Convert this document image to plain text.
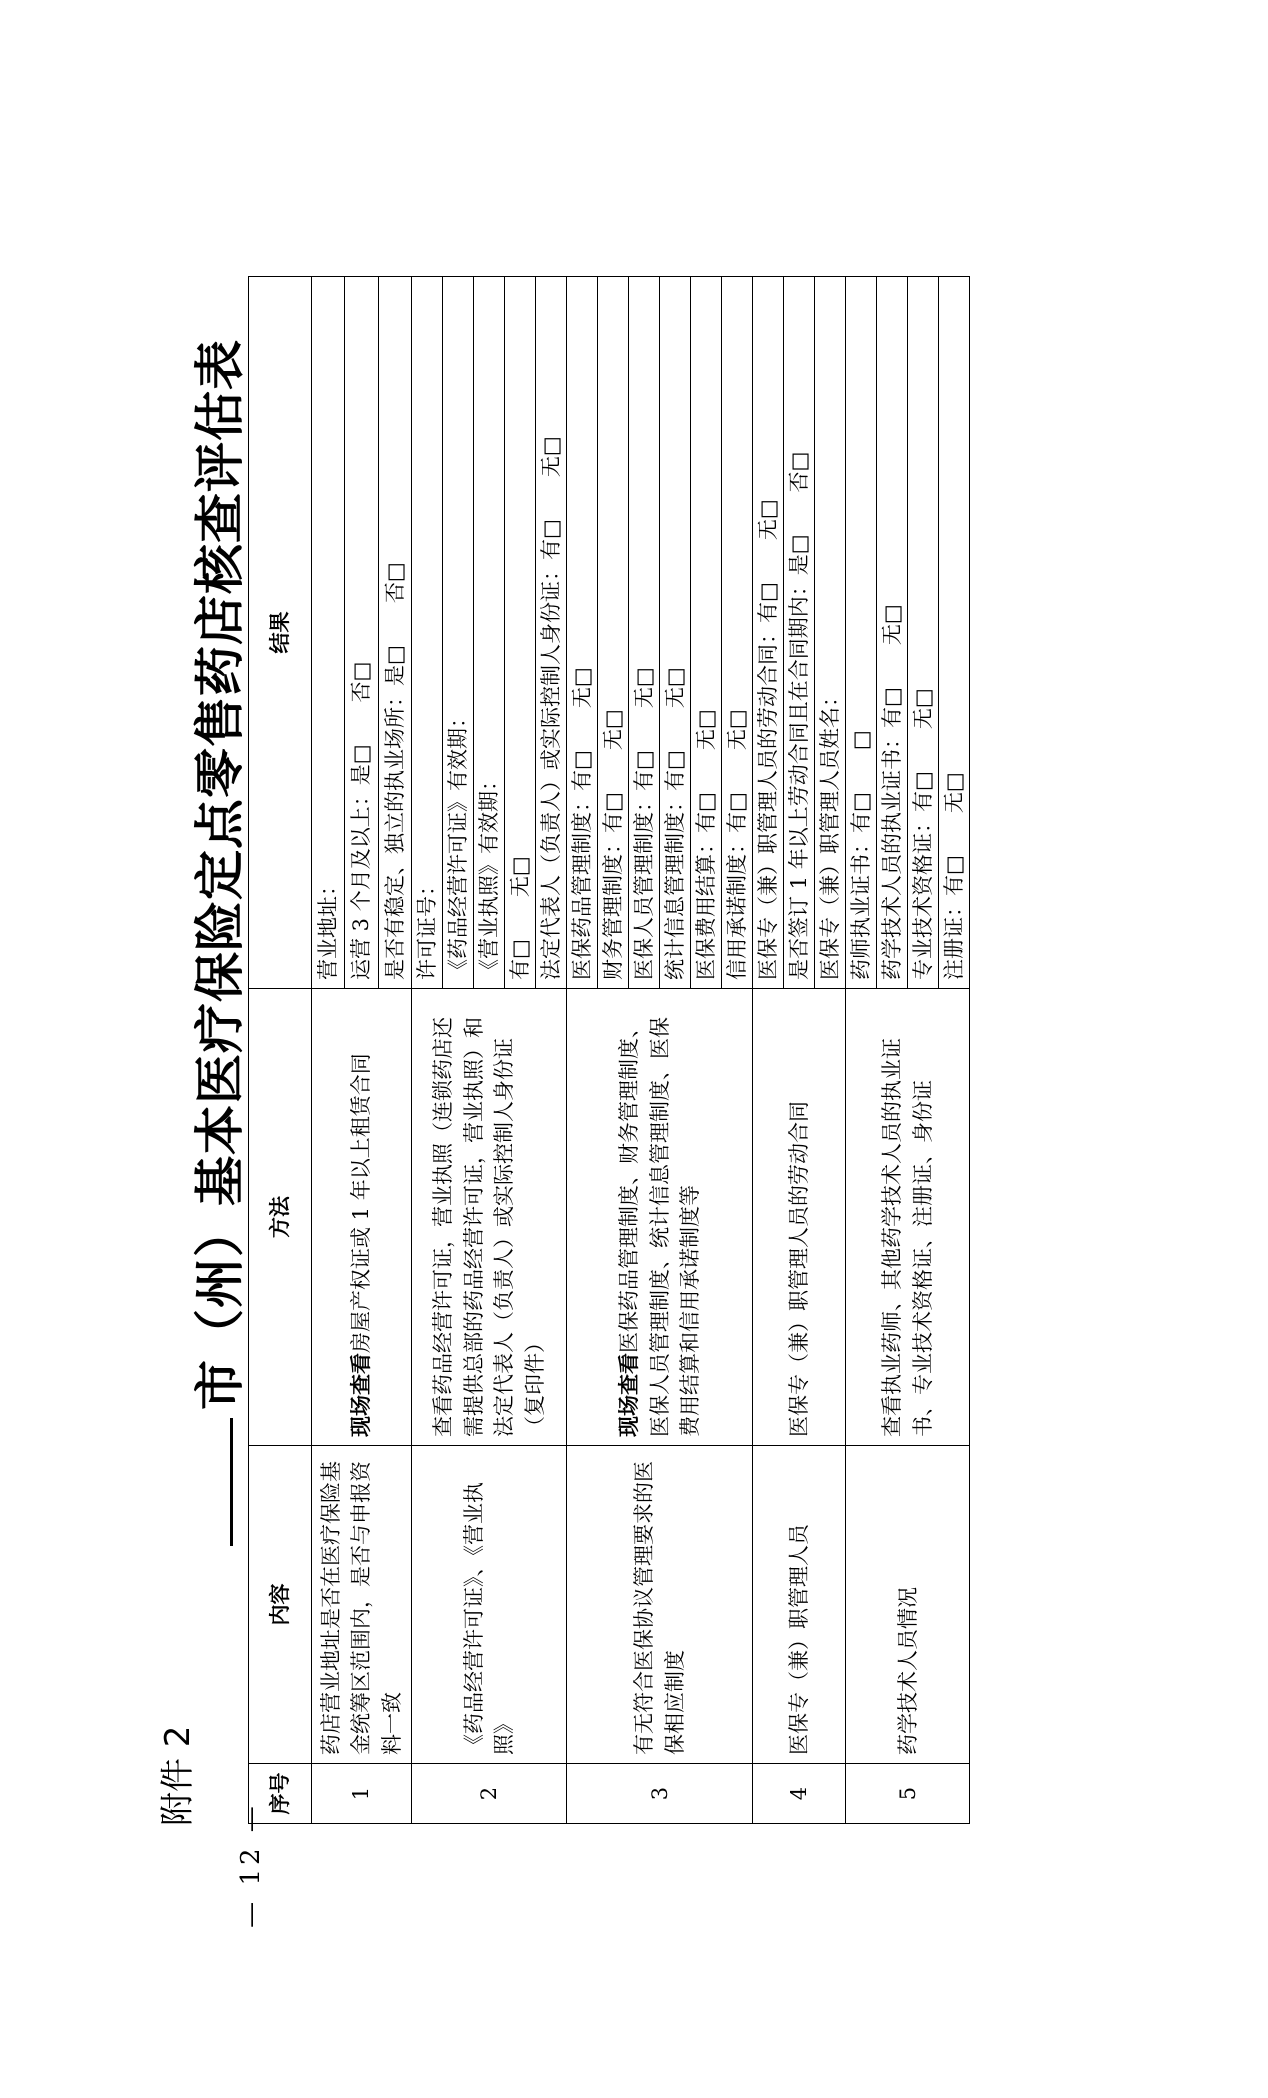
— 12 —
附件 2
市（州）基本医疗保险定点零售药店核查评估表
序号	内容	方法	结果
1	药店营业地址是否在医疗保险基金统筹区范围内，是否与申报资料一致	现场查看房屋产权证或 1 年以上租赁合同	营业地址：
			运营 3 个月及以上：是□　　否□
			是否有稳定、独立的执业场所：是□　　否□
2	《药品经营许可证》、《营业执照》	查看药品经营许可证，营业执照（连锁药店还需提供总部的药品经营许可证，营业执照）和法定代表人（负责人）或实际控制人身份证（复印件）	许可证号：
			《药品经营许可证》有效期：
			《营业执照》有效期：
			有□　　无□
			法定代表人（负责人）或实际控制人身份证：有□　　无□
3	有无符合医保协议管理要求的医保相应制度	现场查看医保药品管理制度、财务管理制度、医保人员管理制度、统计信息管理制度、医保费用结算和信用承诺制度等	医保药品管理制度：有□　　无□
			财务管理制度：有□　　无□
			医保人员管理制度：有□　　无□
			统计信息管理制度：有□　　无□
			医保费用结算：有□　　无□
			信用承诺制度：有□　　无□
4	医保专（兼）职管理人员	医保专（兼）职管理人员的劳动合同	医保专（兼）职管理人员的劳动合同：有□　　无□
			是否签订 1 年以上劳动合同且在合同期内：是□　　否□
			医保专（兼）职管理人员姓名：
5	药学技术人员情况	查看执业药师、其他药学技术人员的执业证书、专业技术资格证、注册证、身份证	药师执业证书：有□　　□
			药学技术人员的执业证书：有□　　无□
			专业技术资格证：有□　　无□
			注册证：有□　　无□
